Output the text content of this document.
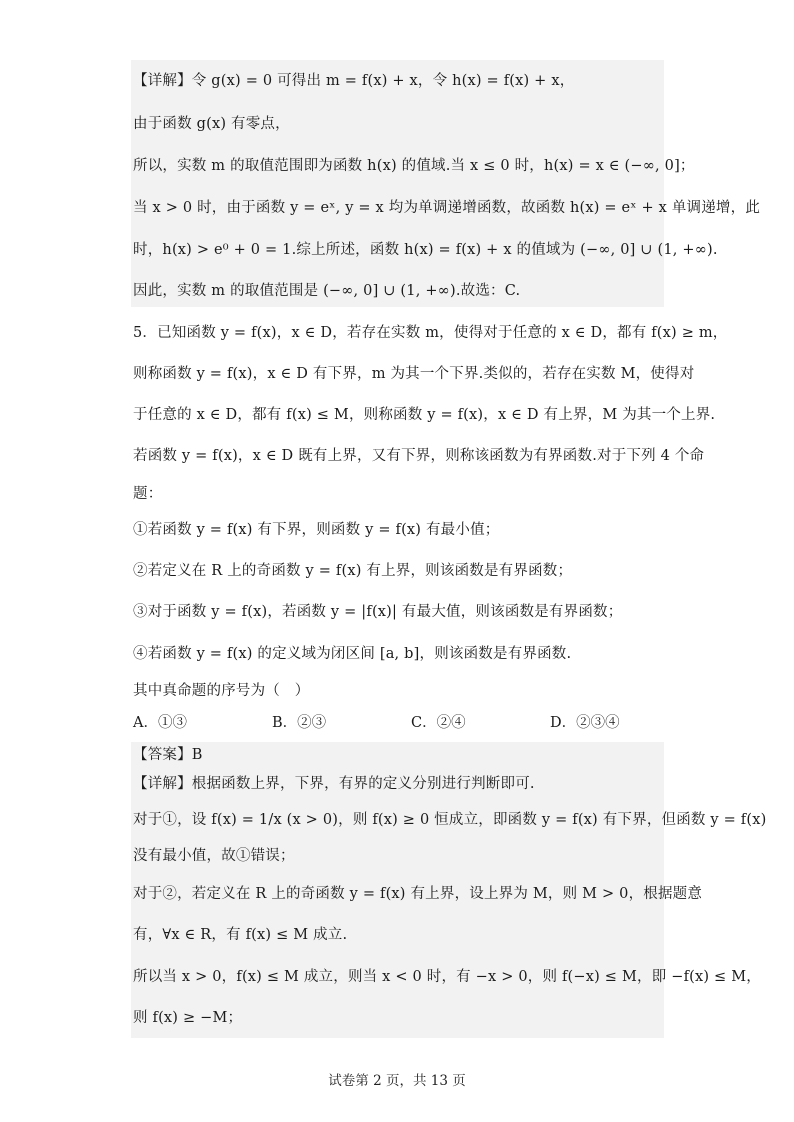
【详解】令 g(x) = 0 可得出 m = f(x) + x，令 h(x) = f(x) + x，
由于函数 g(x) 有零点，
所以，实数 m 的取值范围即为函数 h(x) 的值域.当 x ≤ 0 时，h(x) = x ∈ (−∞, 0]；
当 x > 0 时，由于函数 y = eˣ, y = x 均为单调递增函数，故函数 h(x) = eˣ + x 单调递增，此
时，h(x) > e⁰ + 0 = 1.综上所述，函数 h(x) = f(x) + x 的值域为 (−∞, 0] ∪ (1, +∞).
因此，实数 m 的取值范围是 (−∞, 0] ∪ (1, +∞).故选：C.
5．已知函数 y = f(x)，x ∈ D，若存在实数 m，使得对于任意的 x ∈ D，都有 f(x) ≥ m，
则称函数 y = f(x)，x ∈ D 有下界，m 为其一个下界.类似的，若存在实数 M，使得对
于任意的 x ∈ D，都有 f(x) ≤ M，则称函数 y = f(x)，x ∈ D 有上界，M 为其一个上界.
若函数 y = f(x)，x ∈ D 既有上界，又有下界，则称该函数为有界函数.对于下列 4 个命
题：
①若函数 y = f(x) 有下界，则函数 y = f(x) 有最小值；
②若定义在 R 上的奇函数 y = f(x) 有上界，则该函数是有界函数；
③对于函数 y = f(x)，若函数 y = |f(x)| 有最大值，则该函数是有界函数；
④若函数 y = f(x) 的定义域为闭区间 [a, b]，则该函数是有界函数.
其中真命题的序号为（　）
A．①③	B．②③	C．②④	D．②③④
【答案】B
【详解】根据函数上界，下界，有界的定义分别进行判断即可.
对于①，设 f(x) = 1/x (x > 0)，则 f(x) ≥ 0 恒成立，即函数 y = f(x) 有下界，但函数 y = f(x)
没有最小值，故①错误；
对于②，若定义在 R 上的奇函数 y = f(x) 有上界，设上界为 M，则 M > 0，根据题意
有，∀x ∈ R，有 f(x) ≤ M 成立.
所以当 x > 0，f(x) ≤ M 成立，则当 x < 0 时，有 −x > 0，则 f(−x) ≤ M，即 −f(x) ≤ M，
则 f(x) ≥ −M；
试卷第 2 页，共 13 页
